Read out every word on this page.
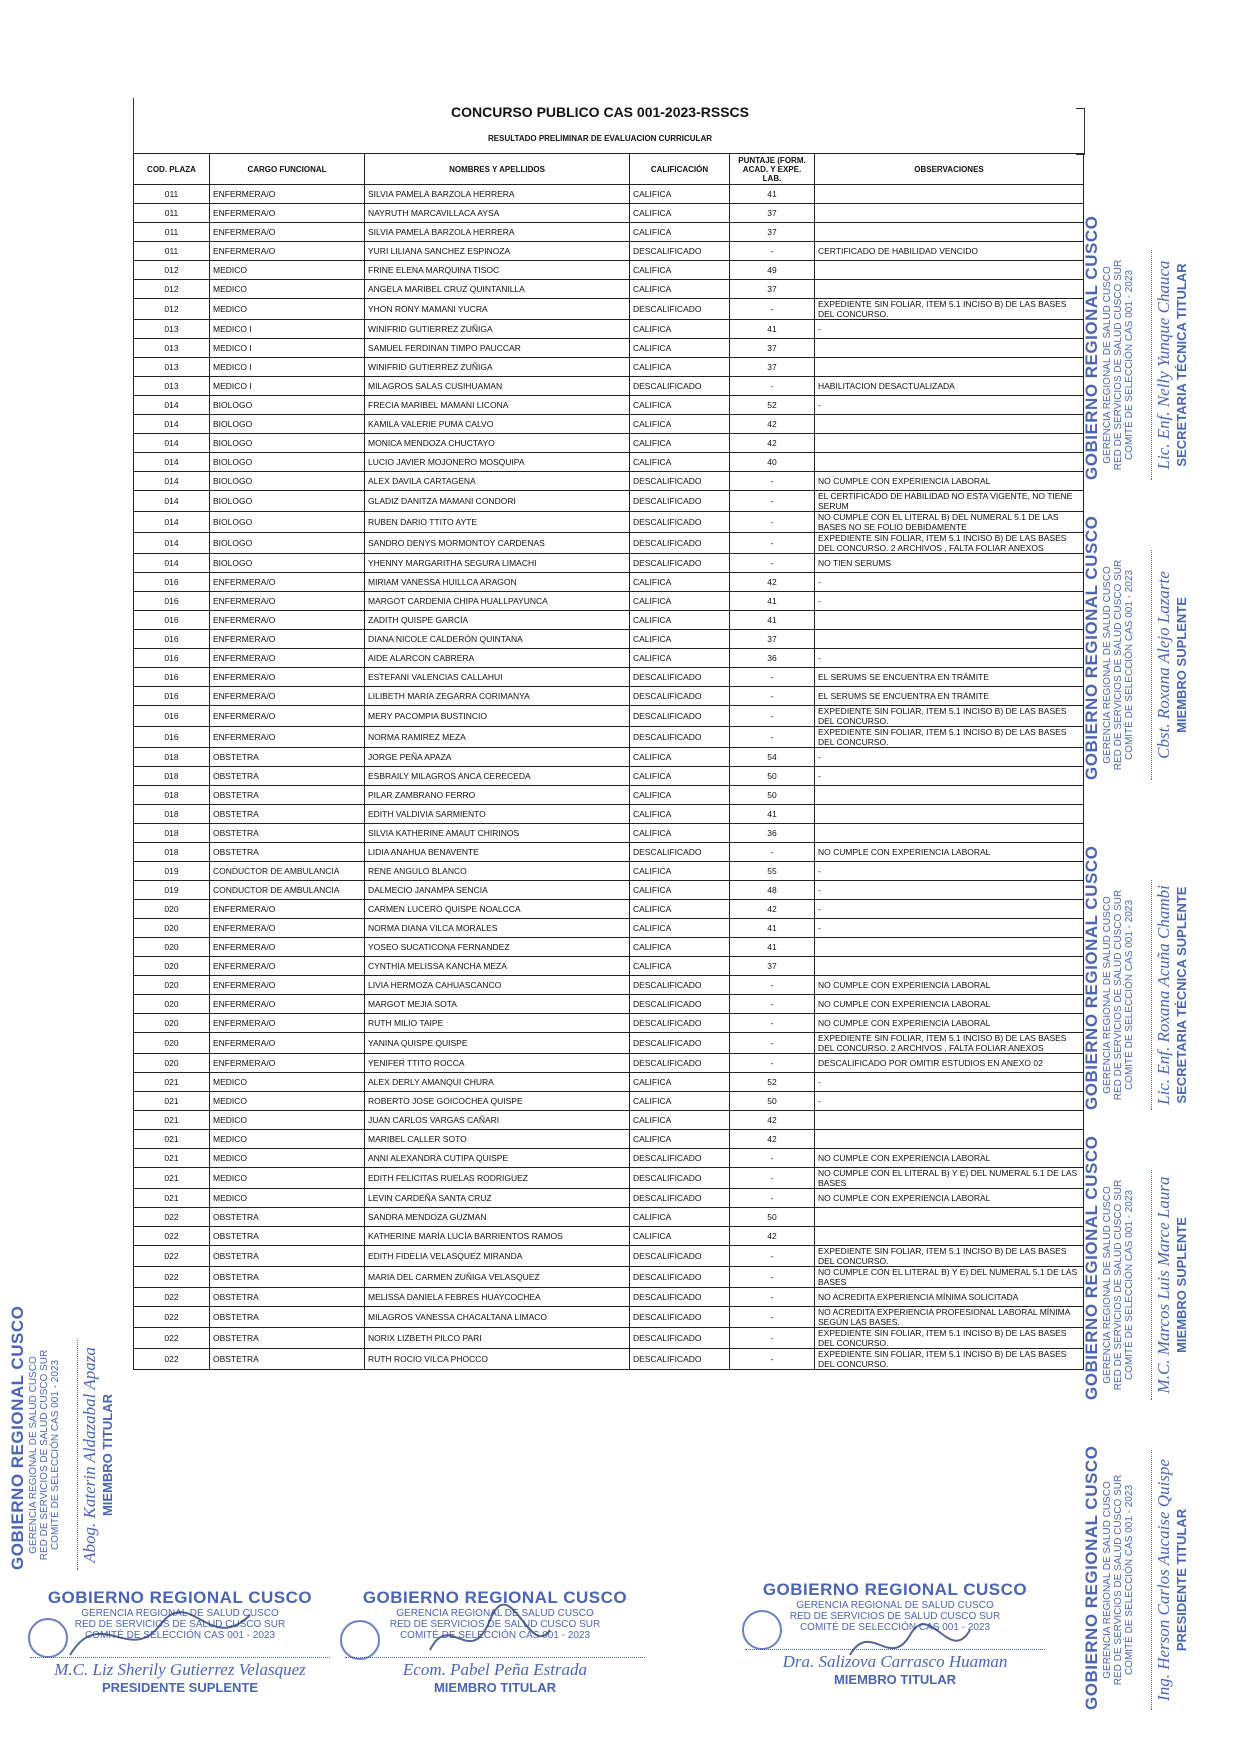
CONCURSO PUBLICO CAS 001-2023-RSSCS
RESULTADO PRELIMINAR DE EVALUACION CURRICULAR
COD. PLAZA	CARGO FUNCIONAL	NOMBRES Y APELLIDOS	CALIFICACIÓN	PUNTAJE (FORM. ACAD. Y EXPE. LAB.	OBSERVACIONES
011	ENFERMERA/O	SILVIA PAMELA BARZOLA HERRERA	CALIFICA	41	
011	ENFERMERA/O	NAYRUTH MARCAVILLACA AYSA	CALIFICA	37	
011	ENFERMERA/O	SILVIA PAMELA BARZOLA HERRERA	CALIFICA	37	
011	ENFERMERA/O	YURI LILIANA SANCHEZ ESPINOZA	DESCALIFICADO	-	CERTIFICADO DE HABILIDAD VENCIDO
012	MEDICO	FRINE ELENA MARQUINA TISOC	CALIFICA	49	
012	MEDICO	ANGELA MARIBEL CRUZ QUINTANILLA	CALIFICA	37	
012	MEDICO	YHON RONY MAMANI YUCRA	DESCALIFICADO	-	EXPEDIENTE SIN FOLIAR, ITEM 5.1 INCISO B) DE LAS BASES DEL CONCURSO.
013	MEDICO I	WINIFRID GUTIERREZ ZUÑIGA	CALIFICA	41	-
013	MEDICO I	SAMUEL FERDINAN TIMPO PAUCCAR	CALIFICA	37	
013	MEDICO I	WINIFRID GUTIERREZ ZUÑIGA	CALIFICA	37	
013	MEDICO I	MILAGROS SALAS CUSIHUAMAN	DESCALIFICADO	-	HABILITACION DESACTUALIZADA
014	BIOLOGO	FRECIA MARIBEL MAMANI LICONA	CALIFICA	52	-
014	BIOLOGO	KAMILA VALERIE PUMA CALVO	CALIFICA	42	
014	BIOLOGO	MONICA MENDOZA CHUCTAYO	CALIFICA	42	
014	BIOLOGO	LUCIO JAVIER MOJONERO MOSQUIPA	CALIFICA	40	
014	BIOLOGO	ALEX DAVILA CARTAGENA	DESCALIFICADO	-	NO CUMPLE CON EXPERIENCIA LABORAL
014	BIOLOGO	GLADIZ DANITZA MAMANI CONDORI	DESCALIFICADO	-	EL CERTIFICADO DE HABILIDAD NO ESTA VIGENTE, NO TIENE SERUM
014	BIOLOGO	RUBEN DARIO TTITO AYTE	DESCALIFICADO	-	NO CUMPLE CON EL LITERAL B) DEL NUMERAL 5.1 DE LAS BASES NO SE FOLIO DEBIDAMENTE
014	BIOLOGO	SANDRO DENYS MORMONTOY CARDENAS	DESCALIFICADO	-	EXPEDIENTE SIN FOLIAR, ITEM 5.1 INCISO B) DE LAS BASES DEL CONCURSO. 2 ARCHIVOS , FALTA FOLIAR ANEXOS
014	BIOLOGO	YHENNY MARGARITHA SEGURA LIMACHI	DESCALIFICADO	-	NO TIEN SERUMS
016	ENFERMERA/O	MIRIAM VANESSA HUILLCA ARAGON	CALIFICA	42	-
016	ENFERMERA/O	MARGOT CARDENIA CHIPA HUALLPAYUNCA	CALIFICA	41	-
016	ENFERMERA/O	ZADITH QUISPE GARCÍA	CALIFICA	41	
016	ENFERMERA/O	DIANA NICOLE CALDERÓN QUINTANA	CALIFICA	37	
016	ENFERMERA/O	AIDE ALARCON CABRERA	CALIFICA	36	-
016	ENFERMERA/O	ESTEFANI VALENCIAS CALLAHUI	DESCALIFICADO	-	EL SERUMS SE ENCUENTRA EN TRÁMITE
016	ENFERMERA/O	LILIBETH MARIA ZEGARRA CORIMANYA	DESCALIFICADO	-	EL SERUMS SE ENCUENTRA EN TRÁMITE
016	ENFERMERA/O	MERY PACOMPIA BUSTINCIO	DESCALIFICADO	-	EXPEDIENTE SIN FOLIAR, ITEM 5.1 INCISO B) DE LAS BASES DEL CONCURSO.
016	ENFERMERA/O	NORMA RAMIREZ MEZA	DESCALIFICADO	-	EXPEDIENTE SIN FOLIAR, ITEM 5.1 INCISO B) DE LAS BASES DEL CONCURSO.
018	OBSTETRA	JORGE PEÑA APAZA	CALIFICA	54	-
018	OBSTETRA	ESBRAILY MILAGROS ANCA CERECEDA	CALIFICA	50	-
018	OBSTETRA	PILAR ZAMBRANO FERRO	CALIFICA	50	
018	OBSTETRA	EDITH VALDIVIA SARMIENTO	CALIFICA	41	
018	OBSTETRA	SILVIA KATHERINE AMAUT CHIRINOS	CALIFICA	36	
018	OBSTETRA	LIDIA ANAHUA BENAVENTE	DESCALIFICADO	-	NO CUMPLE CON EXPERIENCIA LABORAL
019	CONDUCTOR DE AMBULANCIA	RENE ANGULO BLANCO	CALIFICA	55	-
019	CONDUCTOR DE AMBULANCIA	DALMECIO JANAMPA SENCIA	CALIFICA	48	-
020	ENFERMERA/O	CARMEN LUCERO QUISPE NOALCCA	CALIFICA	42	-
020	ENFERMERA/O	NORMA DIANA VILCA MORALES	CALIFICA	41	-
020	ENFERMERA/O	YOSEO SUCATICONA FERNANDEZ	CALIFICA	41	
020	ENFERMERA/O	CYNTHIA MELISSA KANCHA MEZA	CALIFICA	37	
020	ENFERMERA/O	LIVIA HERMOZA CAHUASCANCO	DESCALIFICADO	-	NO CUMPLE CON EXPERIENCIA LABORAL
020	ENFERMERA/O	MARGOT MEJIA SOTA	DESCALIFICADO	-	NO CUMPLE CON EXPERIENCIA LABORAL
020	ENFERMERA/O	RUTH MILIO TAIPE	DESCALIFICADO	-	NO CUMPLE CON EXPERIENCIA LABORAL
020	ENFERMERA/O	YANINA QUISPE QUISPE	DESCALIFICADO	-	EXPEDIENTE SIN FOLIAR, ITEM 5.1 INCISO B) DE LAS BASES DEL CONCURSO. 2 ARCHIVOS , FALTA FOLIAR ANEXOS
020	ENFERMERA/O	YENIFER TTITO ROCCA	DESCALIFICADO	-	DESCALIFICADO POR OMITIR ESTUDIOS EN ANEXO 02
021	MEDICO	ALEX DERLY AMANQUI CHURA	CALIFICA	52	-
021	MEDICO	ROBERTO JOSE GOICOCHEA QUISPE	CALIFICA	50	-
021	MEDICO	JUAN CARLOS VARGAS CAÑARI	CALIFICA	42	
021	MEDICO	MARIBEL CALLER SOTO	CALIFICA	42	
021	MEDICO	ANNI ALEXANDRA CUTIPA QUISPE	DESCALIFICADO	-	NO CUMPLE CON EXPERIENCIA LABORAL
021	MEDICO	EDITH FELICITAS RUELAS RODRIGUEZ	DESCALIFICADO	-	NO CUMPLE CON EL LITERAL B) Y E) DEL NUMERAL 5.1 DE LAS BASES
021	MEDICO	LEVIN CARDEÑA SANTA CRUZ	DESCALIFICADO	-	NO CUMPLE CON EXPERIENCIA LABORAL
022	OBSTETRA	SANDRA MENDOZA GUZMAN	CALIFICA	50	
022	OBSTETRA	KATHERINE MARÍA LUCÍA BARRIENTOS RAMOS	CALIFICA	42	
022	OBSTETRA	EDITH FIDELIA VELASQUEZ MIRANDA	DESCALIFICADO	-	EXPEDIENTE SIN FOLIAR, ITEM 5.1 INCISO B) DE LAS BASES DEL CONCURSO.
022	OBSTETRA	MARIA DEL CARMEN ZUÑIGA VELASQUEZ	DESCALIFICADO	-	NO CUMPLE CON EL LITERAL B) Y E) DEL NUMERAL 5.1 DE LAS BASES
022	OBSTETRA	MELISSA DANIELA FEBRES HUAYCOCHEA	DESCALIFICADO	-	NO ACREDITA EXPERIENCIA MÍNIMA SOLICITADA
022	OBSTETRA	MILAGROS VANESSA CHACALTANA LIMACO	DESCALIFICADO	-	NO ACREDITA EXPERIENCIA PROFESIONAL LABORAL MÍNIMA SEGÚN LAS BASES.
022	OBSTETRA	NORIX LIZBETH PILCO PARI	DESCALIFICADO	-	EXPEDIENTE SIN FOLIAR, ITEM 5.1 INCISO B) DE LAS BASES DEL CONCURSO.
022	OBSTETRA	RUTH ROCIO VILCA PHOCCO	DESCALIFICADO	-	EXPEDIENTE SIN FOLIAR, ITEM 5.1 INCISO B) DE LAS BASES DEL CONCURSO.
GOBIERNO REGIONAL CUSCO
GERENCIA REGIONAL DE SALUD CUSCO
RED DE SERVICIOS DE SALUD CUSCO SUR
COMITÉ DE SELECCIÓN CAS 001 - 2023
M.C. Liz Sherily Gutierrez Velasquez
PRESIDENTE SUPLENTE
GOBIERNO REGIONAL CUSCO
GERENCIA REGIONAL DE SALUD CUSCO
RED DE SERVICIOS DE SALUD CUSCO SUR
COMITÉ DE SELECCIÓN CAS 001 - 2023
Ecom. Pabel Peña Estrada
MIEMBRO TITULAR
GOBIERNO REGIONAL CUSCO
GERENCIA REGIONAL DE SALUD CUSCO
RED DE SERVICIOS DE SALUD CUSCO SUR
COMITÉ DE SELECCIÓN CAS 001 - 2023
Dra. Salizova Carrasco Huaman
MIEMBRO TITULAR
GOBIERNO REGIONAL CUSCO GERENCIA REGIONAL DE SALUD CUSCO RED DE SERVICIOS DE SALUD CUSCO SUR COMITÉ DE SELECCIÓN CAS 001 - 2023 Lic. Enf. Nelly Yunque Chauca SECRETARIA TÉCNICA TITULAR
GOBIERNO REGIONAL CUSCO GERENCIA REGIONAL DE SALUD CUSCO RED DE SERVICIOS DE SALUD CUSCO SUR COMITÉ DE SELECCIÓN CAS 001 - 2023 Cbst. Roxana Alejo Lazarte MIEMBRO SUPLENTE
GOBIERNO REGIONAL CUSCO GERENCIA REGIONAL DE SALUD CUSCO RED DE SERVICIOS DE SALUD CUSCO SUR COMITÉ DE SELECCIÓN CAS 001 - 2023 Lic. Enf. Roxana Acuña Chambi SECRETARIA TÉCNICA SUPLENTE
GOBIERNO REGIONAL CUSCO GERENCIA REGIONAL DE SALUD CUSCO RED DE SERVICIOS DE SALUD CUSCO SUR COMITÉ DE SELECCIÓN CAS 001 - 2023 M.C. Marcos Luis Marce Laura MIEMBRO SUPLENTE
GOBIERNO REGIONAL CUSCO GERENCIA REGIONAL DE SALUD CUSCO RED DE SERVICIOS DE SALUD CUSCO SUR COMITÉ DE SELECCIÓN CAS 001 - 2023 Ing. Herson Carlos Aucaise Quispe PRESIDENTE TITULAR
GOBIERNO REGIONAL CUSCO GERENCIA REGIONAL DE SALUD CUSCO RED DE SERVICIOS DE SALUD CUSCO SUR COMITÉ DE SELECCIÓN CAS 001 - 2023 Abog. Katerin Aldazabal Apaza MIEMBRO TITULAR
